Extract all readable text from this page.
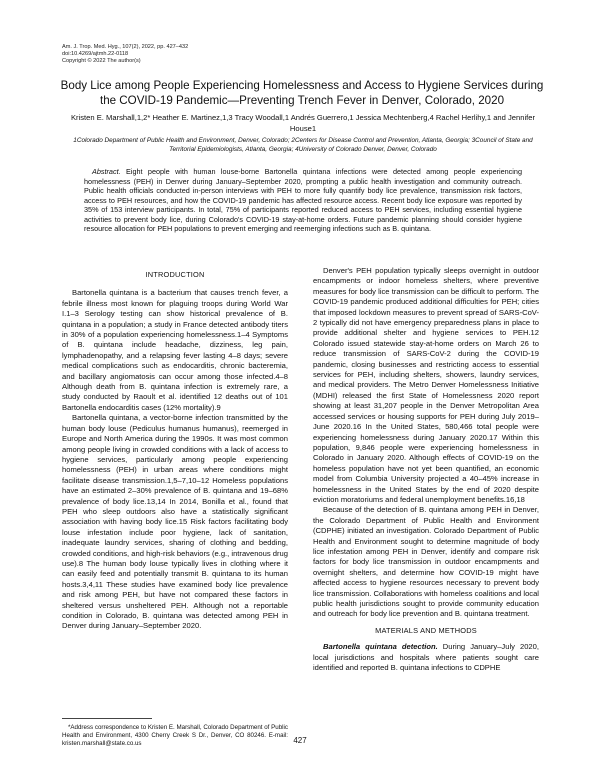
Am. J. Trop. Med. Hyg., 107(2), 2022, pp. 427–432
doi:10.4269/ajtmh.22-0118
Copyright © 2022 The author(s)
Body Lice among People Experiencing Homelessness and Access to Hygiene Services during the COVID-19 Pandemic—Preventing Trench Fever in Denver, Colorado, 2020
Kristen E. Marshall,1,2* Heather E. Martinez,1,3 Tracy Woodall,1 Andrés Guerrero,1 Jessica Mechtenberg,4 Rachel Herlihy,1 and Jennifer House1
1Colorado Department of Public Health and Environment, Denver, Colorado; 2Centers for Disease Control and Prevention, Atlanta, Georgia; 3Council of State and Territorial Epidemiologists, Atlanta, Georgia; 4University of Colorado Denver, Denver, Colorado
Abstract. Eight people with human louse-borne Bartonella quintana infections were detected among people experiencing homelessness (PEH) in Denver during January–September 2020, prompting a public health investigation and community outreach. Public health officials conducted in-person interviews with PEH to more fully quantify body lice prevalence, transmission risk factors, access to PEH resources, and how the COVID-19 pandemic has affected resource access. Recent body lice exposure was reported by 35% of 153 interview participants. In total, 75% of participants reported reduced access to PEH services, including essential hygiene activities to prevent body lice, during Colorado's COVID-19 stay-at-home orders. Future pandemic planning should consider hygiene resource allocation for PEH populations to prevent emerging and reemerging infections such as B. quintana.
INTRODUCTION

Bartonella quintana is a bacterium that causes trench fever, a febrile illness most known for plaguing troops during World War I.1–3 Serology testing can show historical prevalence of B. quintana in a population; a study in France detected antibody titers in 30% of a population experiencing homelessness.1–4 Symptoms of B. quintana include headache, dizziness, leg pain, lymphadenopathy, and a relapsing fever lasting 4–8 days; severe medical complications such as endocarditis, chronic bacteremia, and bacillary angiomatosis can occur among those infected.4–8 Although death from B. quintana infection is extremely rare, a study conducted by Raoult et al. identified 12 deaths out of 101 Bartonella endocarditis cases (12% mortality).9

Bartonella quintana, a vector-borne infection transmitted by the human body louse (Pediculus humanus humanus), reemerged in Europe and North America during the 1990s. It was most common among people living in crowded conditions with a lack of access to hygiene services, particularly among people experiencing homelessness (PEH) in urban areas where conditions might facilitate disease transmission.1,5–7,10–12 Homeless populations have an estimated 2–30% prevalence of B. quintana and 19–68% prevalence of body lice.13,14 In 2014, Bonilla et al., found that PEH who sleep outdoors also have a statistically significant association with having body lice.15 Risk factors facilitating body louse infestation include poor hygiene, lack of sanitation, inadequate laundry services, sharing of clothing and bedding, crowded conditions, and high-risk behaviors (e.g., intravenous drug use).8 The human body louse typically lives in clothing where it can easily feed and potentially transmit B. quintana to its human hosts.3,4,11 These studies have examined body lice prevalence and risk among PEH, but have not compared these factors in sheltered versus unsheltered PEH. Although not a reportable condition in Colorado, B. quintana was detected among PEH in Denver during January–September 2020.

Denver's PEH population typically sleeps overnight in outdoor encampments or indoor homeless shelters, where preventive measures for body lice transmission can be difficult to perform. The COVID-19 pandemic produced additional difficulties for PEH; cities that imposed lockdown measures to prevent spread of SARS-CoV-2 typically did not have emergency preparedness plans in place to provide additional shelter and hygiene services to PEH.12 Colorado issued statewide stay-at-home orders on March 26 to reduce transmission of SARS-CoV-2 during the COVID-19 pandemic, closing businesses and restricting access to essential services for PEH, including shelters, showers, laundry services, and medical providers. The Metro Denver Homelessness Initiative (MDHI) released the first State of Homelessness 2020 report showing at least 31,207 people in the Denver Metropolitan Area accessed services or housing supports for PEH during July 2019–June 2020.16 In the United States, 580,466 total people were experiencing homelessness during January 2020.17 Within this population, 9,846 people were experiencing homelessness in Colorado in January 2020. Although effects of COVID-19 on the homeless population have not yet been quantified, an economic model from Columbia University projected a 40–45% increase in homelessness in the United States by the end of 2020 despite eviction moratoriums and federal unemployment benefits.16,18

Because of the detection of B. quintana among PEH in Denver, the Colorado Department of Public Health and Environment (CDPHE) initiated an investigation. Colorado Department of Public Health and Environment sought to determine magnitude of body lice infestation among PEH in Denver, identify and compare risk factors for body lice transmission in outdoor encampments and overnight shelters, and determine how COVID-19 might have affected access to hygiene resources necessary to prevent body lice transmission. Collaborations with homeless coalitions and local public health jurisdictions sought to provide community education and outreach for body lice prevention and B. quintana treatment.

MATERIALS AND METHODS

Bartonella quintana detection. During January–July 2020, local jurisdictions and hospitals where patients sought care identified and reported B. quintana infections to CDPHE

*Address correspondence to Kristen E. Marshall, Colorado Department of Public Health and Environment, 4300 Cherry Creek S Dr., Denver, CO 80246. E-mail: kristen.marshall@state.co.us	427
